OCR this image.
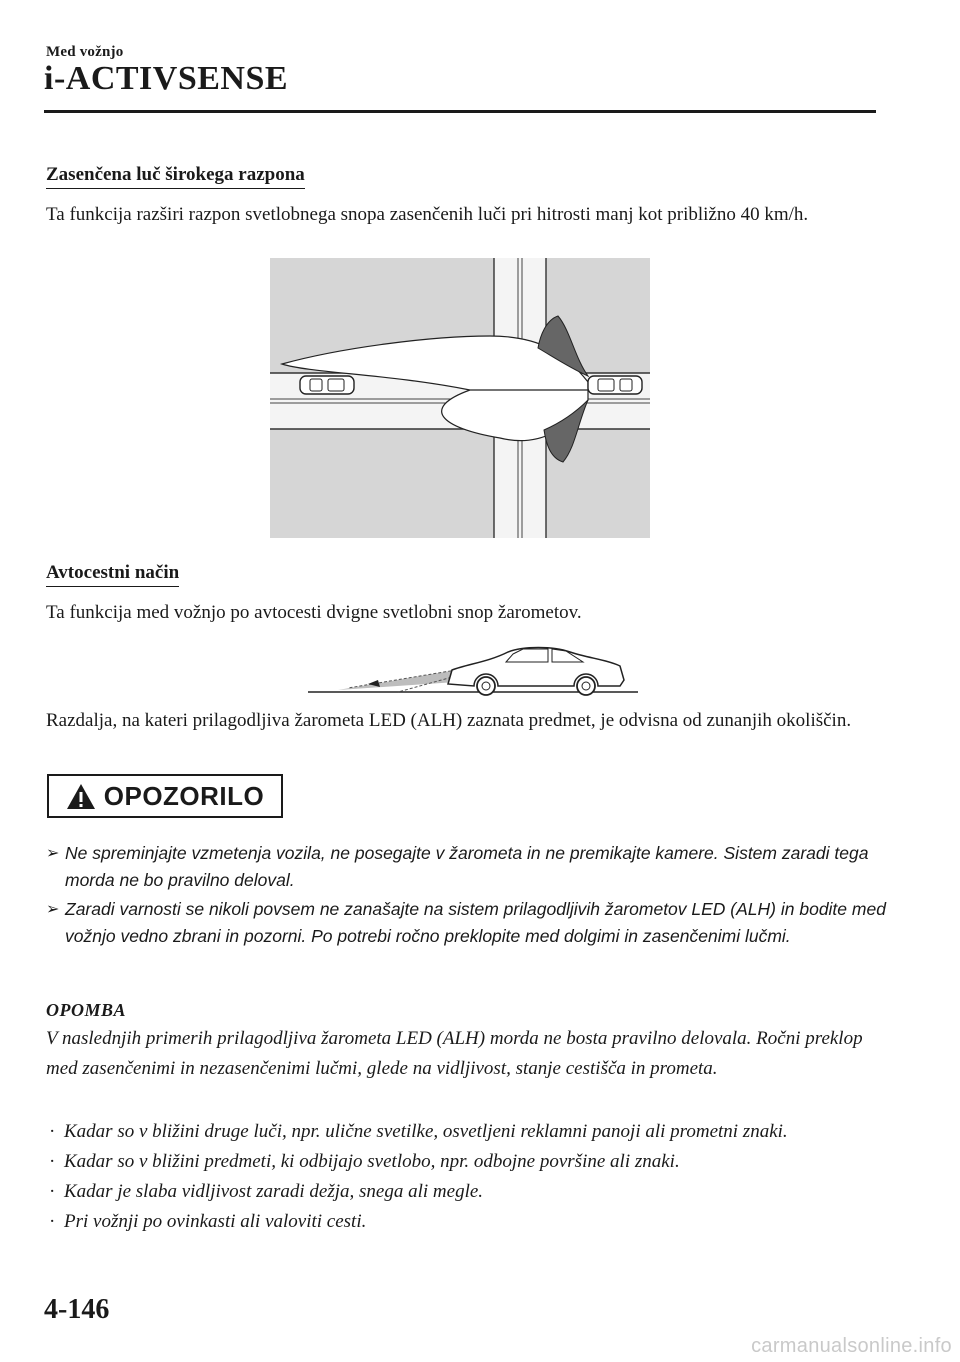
Med vožnjo
i-ACTIVSENSE
Zasenčena luč širokega razpona
Ta funkcija razširi razpon svetlobnega snopa zasenčenih luči pri hitrosti manj kot približno 40 km/h.
Avtocestni način
Ta funkcija med vožnjo po avtocesti dvigne svetlobni snop žarometov.
Razdalja, na kateri prilagodljiva žarometa LED (ALH) zaznata predmet, je odvisna od zunanjih okoliščin.
OPOZORILO
➢ Ne spreminjajte vzmetenja vozila, ne posegajte v žarometa in ne premikajte kamere. Sistem zaradi tega morda ne bo pravilno deloval.
➢ Zaradi varnosti se nikoli povsem ne zanašajte na sistem prilagodljivih žarometov LED (ALH) in bodite med vožnjo vedno zbrani in pozorni. Po potrebi ročno preklopite med dolgimi in zasenčenimi lučmi.
OPOMBA
V naslednjih primerih prilagodljiva žarometa LED (ALH) morda ne bosta pravilno delovala. Ročni preklop med zasenčenimi in nezasenčenimi lučmi, glede na vidljivost, stanje cestišča in prometa.
· Kadar so v bližini druge luči, npr. ulične svetilke, osvetljeni reklamni panoji ali prometni znaki.
· Kadar so v bližini predmeti, ki odbijajo svetlobo, npr. odbojne površine ali znaki.
· Kadar je slaba vidljivost zaradi dežja, snega ali megle.
· Pri vožnji po ovinkasti ali valoviti cesti.
4-146
carmanualsonline.info
